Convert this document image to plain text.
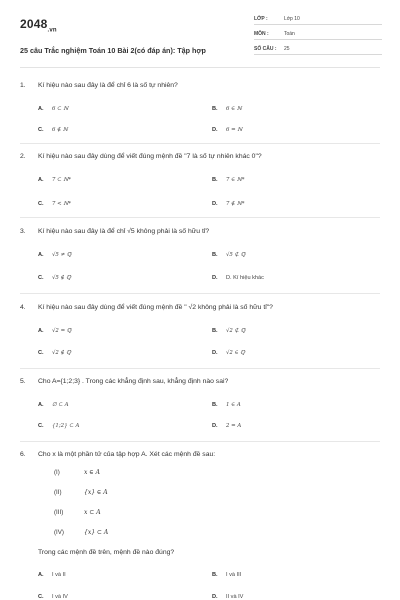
$2048_{.vn}$
25 câu Trắc nghiệm Toán 10 Bài 2(có đáp án): Tập hợp
LỚP :	Lớp 10
MÔN :	Toán
SỐ CÂU : 25
1. Kí hiệu nào sau đây là để chỉ 6 là số tự nhiên?
A. 6 ⊂ ℕ	B. 6 ∈ ℕ
C. 6 ∉ ℕ	D. 6 = ℕ
2. Kí hiệu nào sau đây dùng để viết đúng mệnh đề "7 là số tự nhiên khác 0"?
A. 7 ⊂ ℕ*	B. 7 ∈ ℕ*
C. 7 < ℕ*	D. 7 ∉ ℕ*
3. Kí hiệu nào sau đây là để chỉ √5 không phải là số hữu tỉ?
A. √5 ≠ ℚ	B. √5 ⊄ ℚ
C. √5 ∉ ℚ	D. D. Kí hiệu khác
4. Kí hiệu nào sau đây dùng để viết đúng mệnh đề " √2 không phải là số hữu tỉ"?
A. √2 = ℚ	B. √2 ⊄ ℚ
C. √2 ∉ ℚ	D. √2 ∈ ℚ
5. Cho A={1;2;3} . Trong các khẳng định sau, khẳng định nào sai?
A. ∅ ⊂ A	B. 1 ∈ A
C. {1;2} ⊂ A	D. 2 = A
6. Cho x là một phần tử của tập hợp A. Xét các mệnh đề sau:
(I)	x ∈ A
(II)	{x} ∈ A
(III)	x ⊂ A
(IV)	{x} ⊂ A
Trong các mệnh đề trên, mệnh đề nào đúng?
A. I và II	B. I và III
C. I và IV	D. II và IV
